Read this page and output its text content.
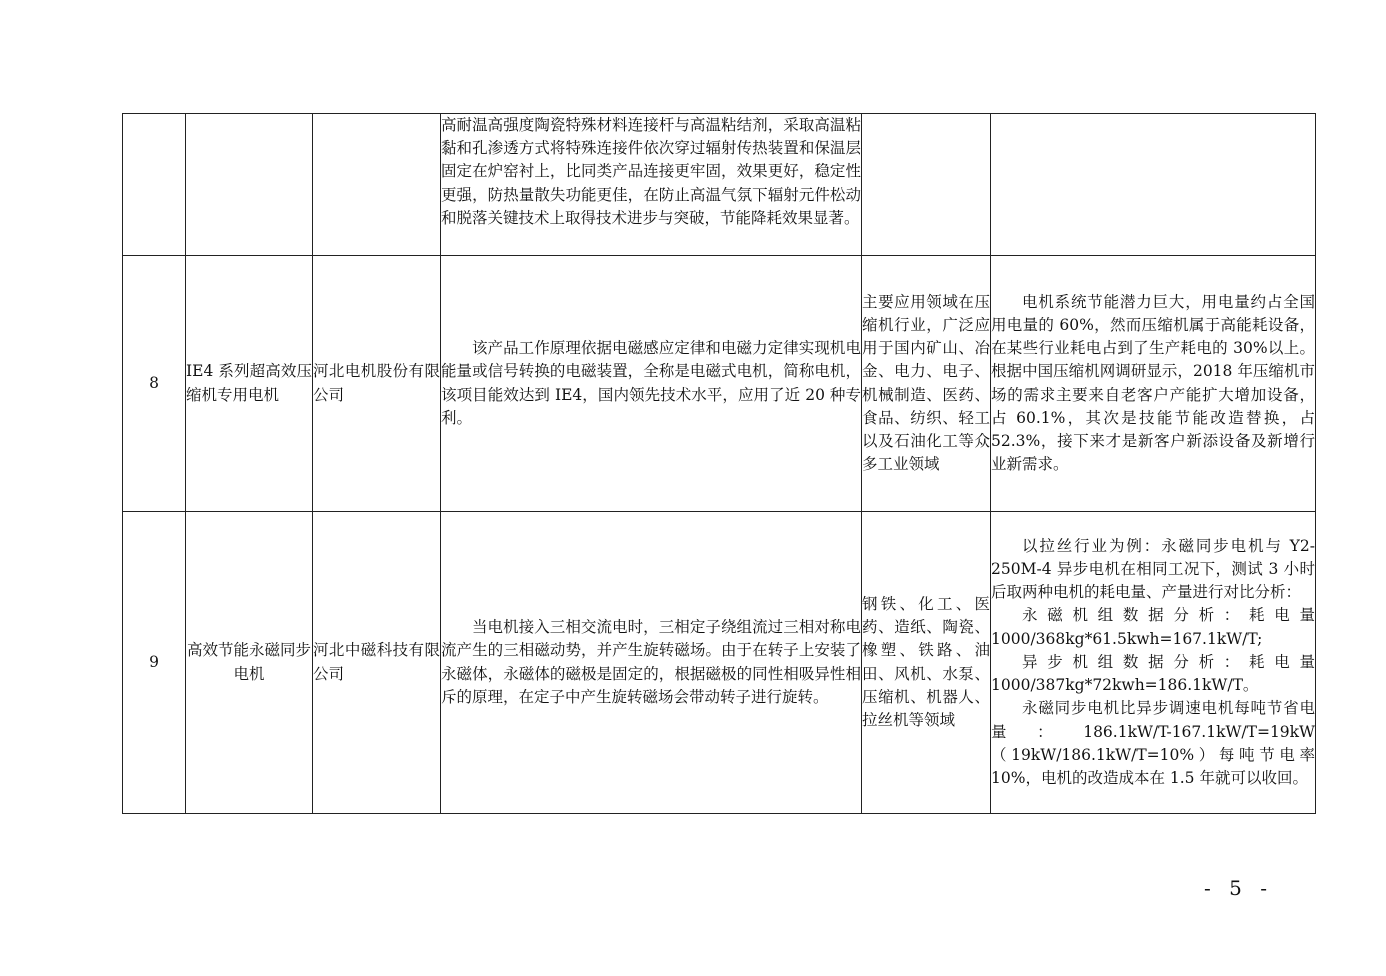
			高耐温高强度陶瓷特殊材料连接杆与高温粘结剂，采取高温粘黏和孔渗透方式将特殊连接件依次穿过辐射传热装置和保温层固定在炉窑衬上，比同类产品连接更牢固，效果更好，稳定性更强，防热量散失功能更佳，在防止高温气氛下辐射元件松动和脱落关键技术上取得技术进步与突破，节能降耗效果显著。		

8	IE4 系列超高效压缩机专用电机	河北电机股份有限公司	该产品工作原理依据电磁感应定律和电磁力定律实现机电能量或信号转换的电磁装置，全称是电磁式电机，简称电机，该项目能效达到 IE4，国内领先技术水平，应用了近 20 种专利。	主要应用领域在压缩机行业，广泛应用于国内矿山、冶金、电力、电子、机械制造、医药、食品、纺织、轻工以及石油化工等众多工业领域	电机系统节能潜力巨大，用电量约占全国用电量的 60%，然而压缩机属于高能耗设备，在某些行业耗电占到了生产耗电的 30%以上。根据中国压缩机网调研显示，2018 年压缩机市场的需求主要来自老客户产能扩大增加设备，占 60.1%，其次是技能节能改造替换，占 52.3%，接下来才是新客户新添设备及新增行业新需求。

9	高效节能永磁同步电机	河北中磁科技有限公司	当电机接入三相交流电时，三相定子绕组流过三相对称电流产生的三相磁动势，并产生旋转磁场。由于在转子上安装了永磁体，永磁体的磁极是固定的，根据磁极的同性相吸异性相斥的原理，在定子中产生旋转磁场会带动转子进行旋转。	钢铁、化工、医药、造纸、陶瓷、橡塑、铁路、油田、风机、水泵、压缩机、机器人、拉丝机等领域	以拉丝行业为例：永磁同步电机与 Y2-250M-4 异步电机在相同工况下，测试 3 小时后取两种电机的耗电量、产量进行对比分析：

永磁机组数据分析：耗电量 1000/368kg*61.5kwh=167.1kW/T;

异步机组数据分析：耗电量 1000/387kg*72kwh=186.1kW/T。

永磁同步电机比异步调速电机每吨节省电量：186.1kW/T-167.1kW/T=19kW（19kW/186.1kW/T=10%）每吨节电率 10%，电机的改造成本在 1.5 年就可以收回。

- 5 -
